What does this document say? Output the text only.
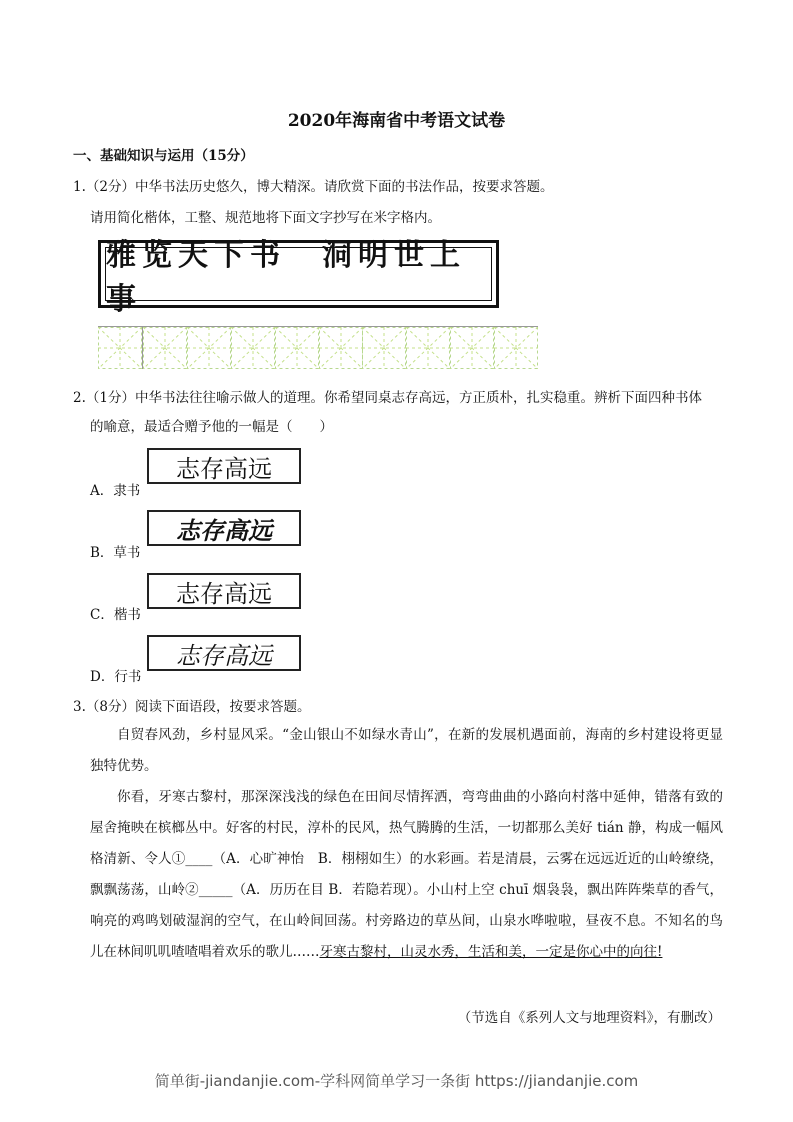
2020年海南省中考语文试卷
一、基础知识与运用（15分）
1.（2分）中华书法历史悠久，博大精深。请欣赏下面的书法作品，按要求答题。
请用简化楷体，工整、规范地将下面文字抄写在米字格内。
雅览天下书　洞明世上事
2.（1分）中华书法往往喻示做人的道理。你希望同桌志存高远，方正质朴，扎实稳重。辨析下面四种书体
的喻意，最适合赠予他的一幅是（　　）
志存高远
A．隶书
志存高远
B．草书
志存高远
C．楷书
志存高远
D．行书
3.（8分）阅读下面语段，按要求答题。

自贸春风劲，乡村显风采。“金山银山不如绿水青山”，在新的发展机遇面前，海南的乡村建设将更显独特优势。

你看，牙寒古黎村，那深深浅浅的绿色在田间尽情挥洒，弯弯曲曲的小路向村落中延伸，错落有致的屋舍掩映在槟榔丛中。好客的村民，淳朴的民风，热气腾腾的生活，一切都那么美好 tián 静，构成一幅风格清新、令人①____（A．心旷神怡　B．栩栩如生）的水彩画。若是清晨，云雾在远远近近的山岭缭绕，飘飘荡荡，山岭②_____（A．历历在目 B．若隐若现）。小山村上空 chuī 烟袅袅，飘出阵阵柴草的香气，响亮的鸡鸣划破湿润的空气，在山岭间回荡。村旁路边的草丛间，山泉水哗啦啦，昼夜不息。不知名的鸟儿在林间叽叽喳喳唱着欢乐的歌儿……牙寒古黎村，山灵水秀，生活和美，一定是你心中的向往!

（节选自《系列人文与地理资料》，有删改）
简单街-jiandanjie.com-学科网简单学习一条街 https://jiandanjie.com
